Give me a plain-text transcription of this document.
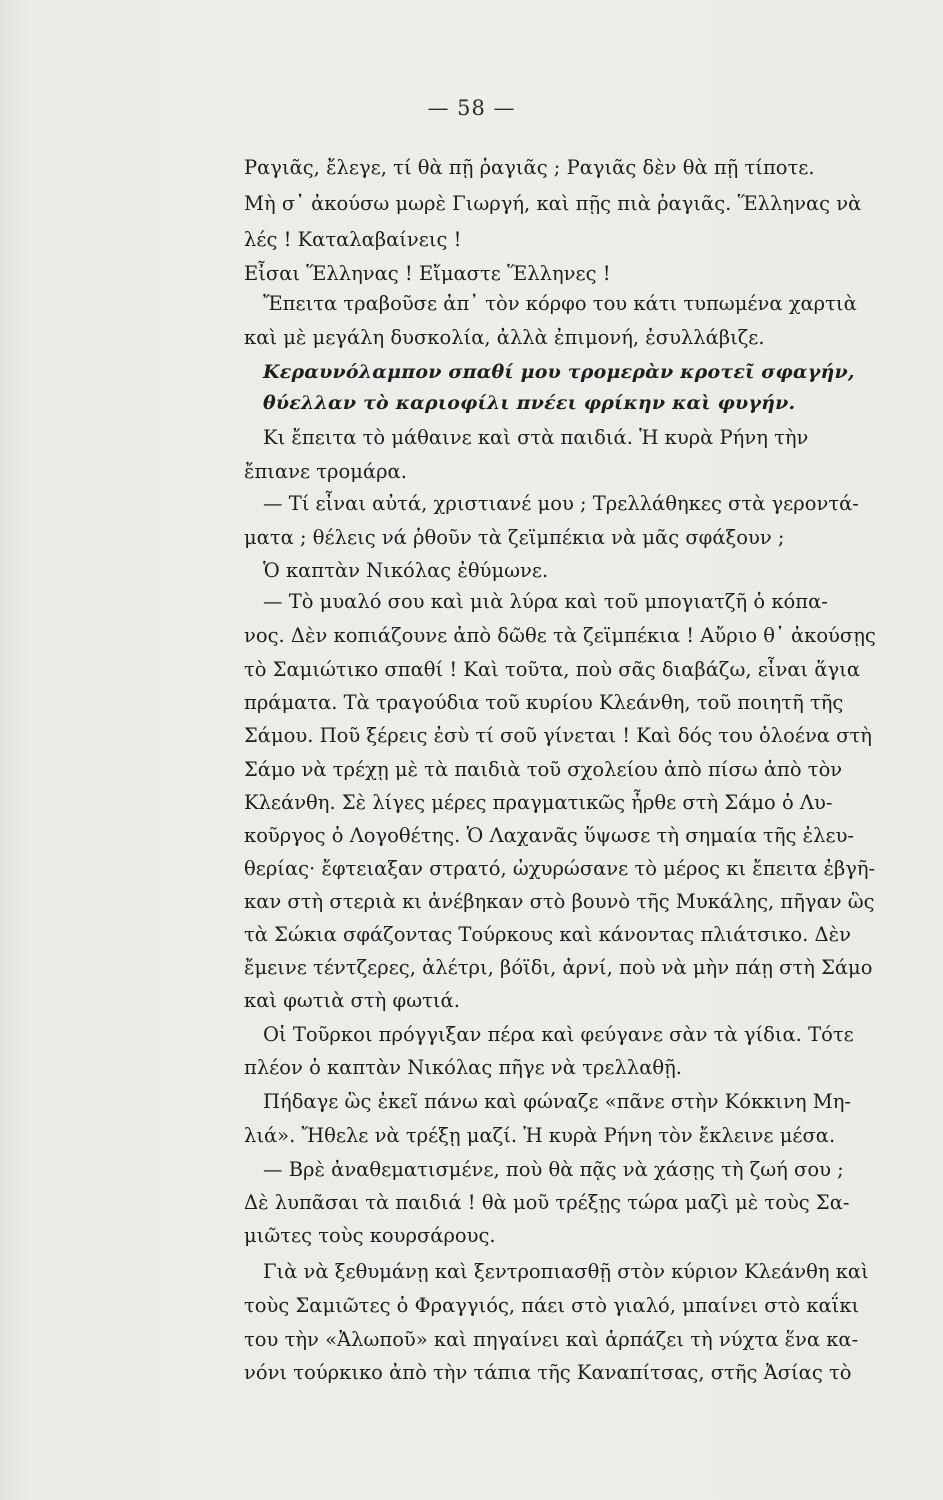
— 58 —
Ραγιᾶς, ἔλεγε, τί θὰ πῇ ῥαγιᾶς ; Ραγιᾶς δὲν θὰ πῇ τίποτε.
Μὴ σ᾽ ἀκούσω μωρὲ Γιωργή, καὶ πῇς πιὰ ῥαγιᾶς. Ἕλληνας νὰ
λές ! Καταλαβαίνεις !
Εἶσαι Ἕλληνας ! Εἴμαστε Ἕλληνες !
Ἔπειτα τραβοῦσε ἀπ᾽ τὸν κόρφο του κάτι τυπωμένα χαρτιὰ
καὶ μὲ μεγάλη δυσκολία, ἀλλὰ ἐπιμονή, ἐσυλλάβιζε.
Κεραυνόλαμπον σπαθί μου τρομερὰν κροτεῖ σφαγήν,
θύελλαν τὸ καριοφίλι πνέει φρίκην καὶ φυγήν.
Κι ἔπειτα τὸ μάθαινε καὶ στὰ παιδιά. Ἡ κυρὰ Ρήνη τὴν
ἔπιανε τρομάρα.
— Τί εἶναι αὐτά, χριστιανέ μου ; Τρελλάθηκες στὰ γεροντά-
ματα ; θέλεις νά ῥθοῦν τὰ ζεϊμπέκια νὰ μᾶς σφάξουν ;
Ὁ καπτὰν Νικόλας ἐθύμωνε.
— Τὸ μυαλό σου καὶ μιὰ λύρα καὶ τοῦ μπογιατζῆ ὁ κόπα-
νος. Δὲν κοπιάζουνε ἀπὸ δῶθε τὰ ζεϊμπέκια ! Αὔριο θ᾽ ἀκούσῃς
τὸ Σαμιώτικο σπαθί ! Καὶ τοῦτα, ποὺ σᾶς διαβάζω, εἶναι ἅγια
πράματα. Τὰ τραγούδια τοῦ κυρίου Κλεάνθη, τοῦ ποιητῆ τῆς
Σάμου. Ποῦ ξέρεις ἐσὺ τί σοῦ γίνεται ! Καὶ δός του ὁλοένα στὴ
Σάμο νὰ τρέχῃ μὲ τὰ παιδιὰ τοῦ σχολείου ἀπὸ πίσω ἀπὸ τὸν
Κλεάνθη. Σὲ λίγες μέρες πραγματικῶς ἦρθε στὴ Σάμο ὁ Λυ-
κοῦργος ὁ Λογοθέτης. Ὁ Λαχανᾶς ὕψωσε τὴ σημαία τῆς ἐλευ-
θερίας· ἔφτειαξαν στρατό, ὠχυρώσανε τὸ μέρος κι ἔπειτα ἐβγῆ-
καν στὴ στεριὰ κι ἀνέβηκαν στὸ βουνὸ τῆς Μυκάλης, πῆγαν ὣς
τὰ Σώκια σφάζοντας Τούρκους καὶ κάνοντας πλιάτσικο. Δὲν
ἔμεινε τέντζερες, ἀλέτρι, βόϊδι, ἀρνί, ποὺ νὰ μὴν πάῃ στὴ Σάμο
καὶ φωτιὰ στὴ φωτιά.
Οἱ Τοῦρκοι πρόγγιξαν πέρα καὶ φεύγανε σὰν τὰ γίδια. Τότε
πλέον ὁ καπτὰν Νικόλας πῆγε νὰ τρελλαθῇ.
Πήδαγε ὣς ἐκεῖ πάνω καὶ φώναζε «πᾶνε στὴν Κόκκινη Μη-
λιά». Ἤθελε νὰ τρέξῃ μαζί. Ἡ κυρὰ Ρήνη τὸν ἔκλεινε μέσα.
— Βρὲ ἀναθεματισμένε, ποὺ θὰ πᾷς νὰ χάσῃς τὴ ζωή σου ;
Δὲ λυπᾶσαι τὰ παιδιά ! θὰ μοῦ τρέξῃς τώρα μαζὶ μὲ τοὺς Σα-
μιῶτες τοὺς κουρσάρους.
Γιὰ νὰ ξεθυμάνῃ καὶ ξεντροπιασθῇ στὸν κύριον Κλεάνθη καὶ
τοὺς Σαμιῶτες ὁ Φραγγιός, πάει στὸ γιαλό, μπαίνει στὸ καΐκι
του τὴν «Ἀλωποῦ» καὶ πηγαίνει καὶ ἁρπάζει τὴ νύχτα ἕνα κα-
νόνι τούρκικο ἀπὸ τὴν τάπια τῆς Καναπίτσας, στῆς Ἀσίας τὸ
